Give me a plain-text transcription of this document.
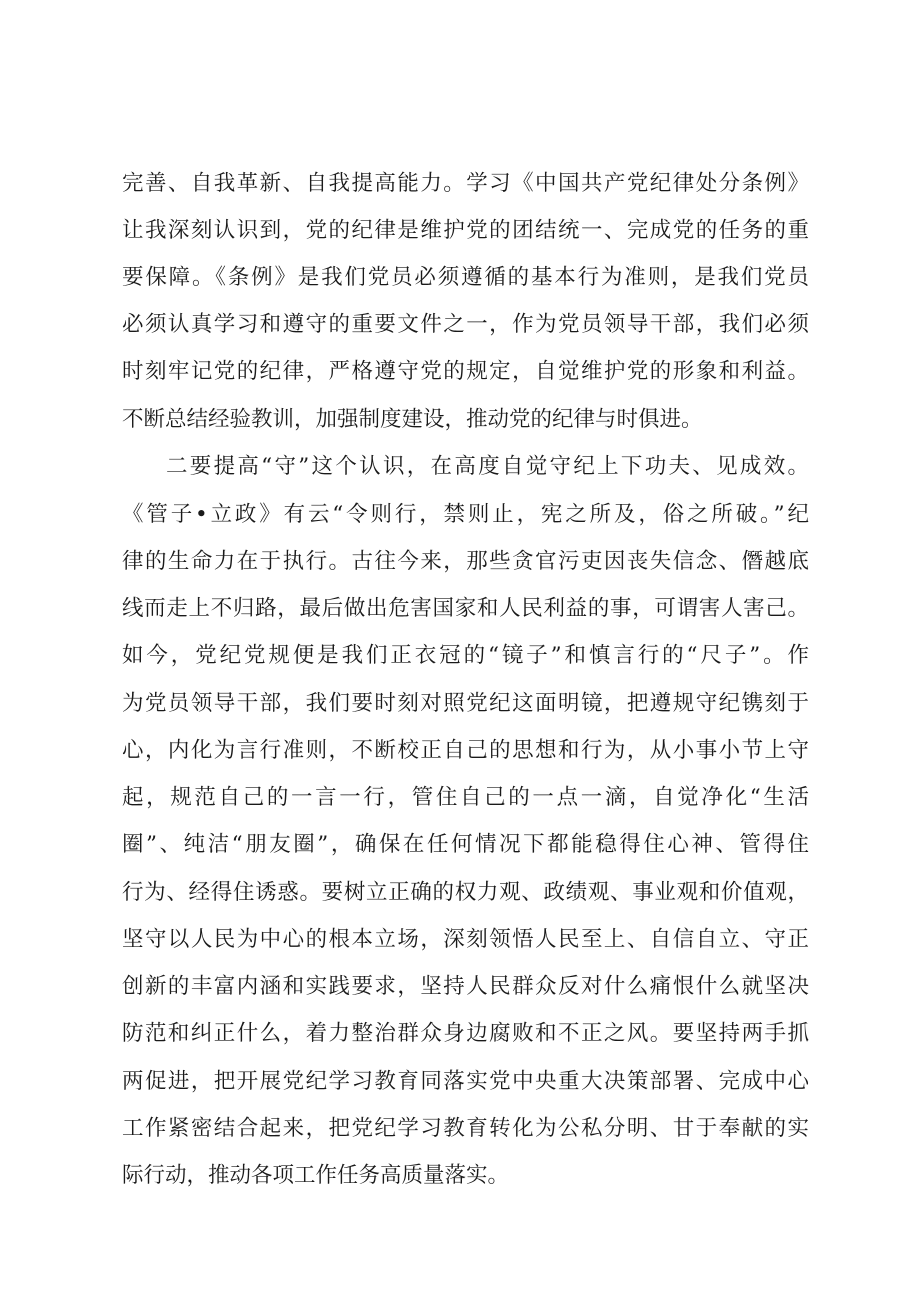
完善、自我革新、自我提高能力。学习《中国共产党纪律处分条例》
让我深刻认识到，党的纪律是维护党的团结统一、完成党的任务的重
要保障。《条例》是我们党员必须遵循的基本行为准则，是我们党员
必须认真学习和遵守的重要文件之一，作为党员领导干部，我们必须
时刻牢记党的纪律，严格遵守党的规定，自觉维护党的形象和利益。
不断总结经验教训，加强制度建设，推动党的纪律与时俱进。
二要提高“守”这个认识，在高度自觉守纪上下功夫、见成效。
《管子•立政》有云“令则行，禁则止，宪之所及，俗之所破。”纪
律的生命力在于执行。古往今来，那些贪官污吏因丧失信念、僭越底
线而走上不归路，最后做出危害国家和人民利益的事，可谓害人害己。
如今，党纪党规便是我们正衣冠的“镜子”和慎言行的“尺子”。作
为党员领导干部，我们要时刻对照党纪这面明镜，把遵规守纪镌刻于
心，内化为言行准则，不断校正自己的思想和行为，从小事小节上守
起，规范自己的一言一行，管住自己的一点一滴，自觉净化“生活
圈”、纯洁“朋友圈”，确保在任何情况下都能稳得住心神、管得住
行为、经得住诱惑。要树立正确的权力观、政绩观、事业观和价值观，
坚守以人民为中心的根本立场，深刻领悟人民至上、自信自立、守正
创新的丰富内涵和实践要求，坚持人民群众反对什么痛恨什么就坚决
防范和纠正什么，着力整治群众身边腐败和不正之风。要坚持两手抓
两促进，把开展党纪学习教育同落实党中央重大决策部署、完成中心
工作紧密结合起来，把党纪学习教育转化为公私分明、甘于奉献的实
际行动，推动各项工作任务高质量落实。
